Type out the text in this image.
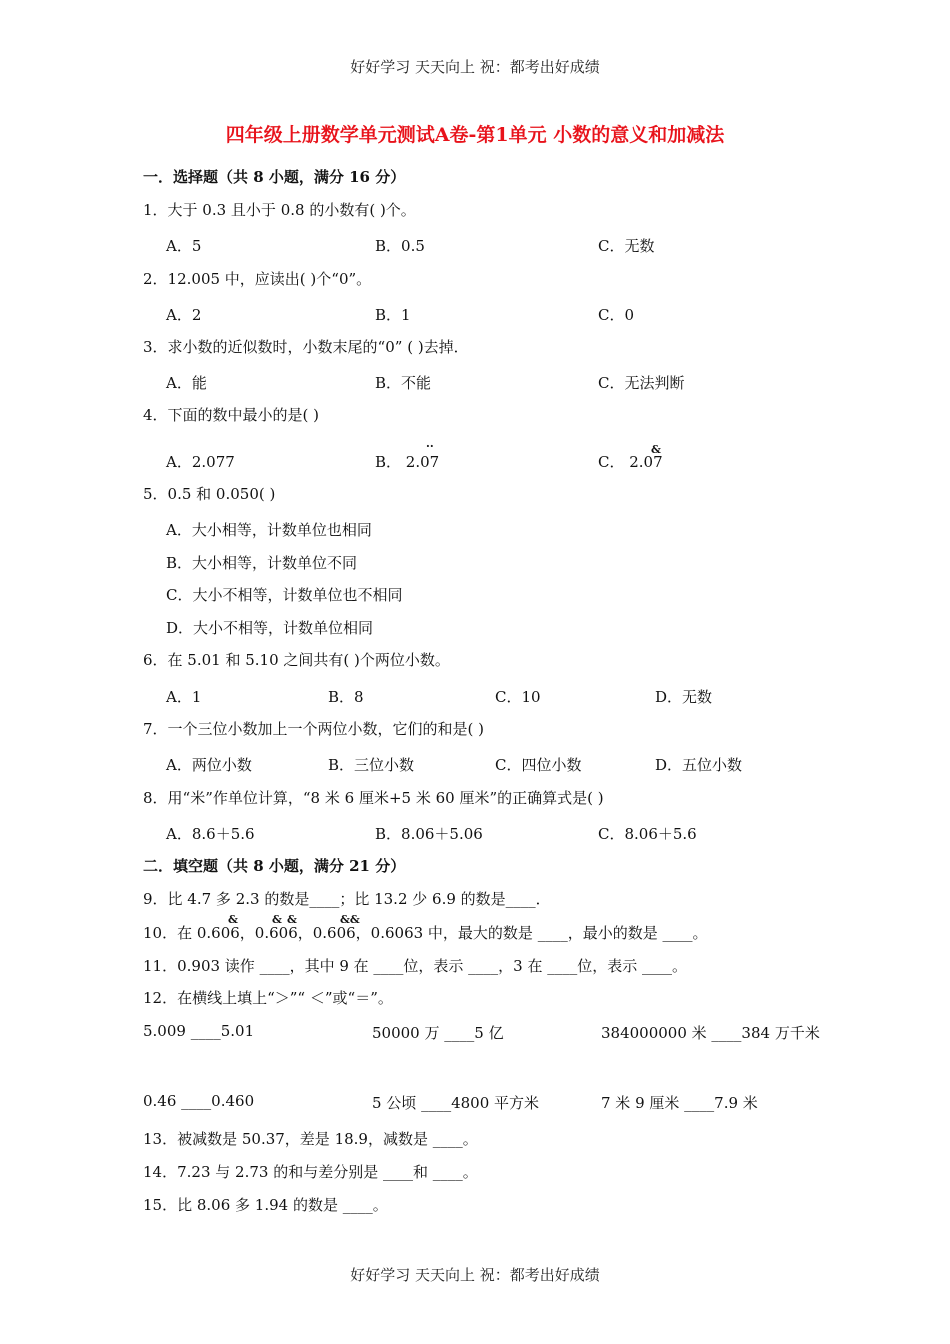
好好学习 天天向上 祝：都考出好成绩
四年级上册数学单元测试A卷-第1单元 小数的意义和加减法
一．选择题（共 8 小题，满分 16 分）
1．大于 0.3 且小于 0.8 的小数有( )个。
A．5	B．0.5	C．无数
2．12.005 中，应读出( )个“0”。
A．2	B．1	C．0
3．求小数的近似数时，小数末尾的“0” ( )去掉．
A．能	B．不能	C．无法判断
4．下面的数中最小的是( )
A．2.077	B． 2.07
··
C． 2.07
&
5．0.5 和 0.050( )
A．大小相等，计数单位也相同
B．大小相等，计数单位不同
C．大小不相等，计数单位也不相同
D．大小不相等，计数单位相同
6．在 5.01 和 5.10 之间共有( )个两位小数。
A．1	B．8	C．10	D．无数
7．一个三位小数加上一个两位小数，它们的和是( )
A．两位小数	B．三位小数	C．四位小数	D．五位小数
8．用“米”作单位计算，“8 米 6 厘米+5 米 60 厘米”的正确算式是( )
A．8.6＋5.6	B．8.06＋5.06	C．8.06＋5.6
二．填空题（共 8 小题，满分 21 分）
9．比 4.7 多 2.3 的数是____；比 13.2 少 6.9 的数是____．
10．在 0.606，0.606，0.606，0.6063 中，最大的数是 ____，最小的数是 ____。
&	& &	&&
11．0.903 读作 ____，其中 9 在 ____位，表示 ____，3 在 ____位，表示 ____。
12．在横线上填上“＞”“ ＜”或“＝”。
5.009 ____5.01	50000 万 ____5 亿	384000000 米 ____384 万千米
0.46 ____0.460	5 公顷 ____4800 平方米	7 米 9 厘米 ____7.9 米
13．被减数是 50.37，差是 18.9，减数是 ____。
14．7.23 与 2.73 的和与差分别是 ____和 ____。
15．比 8.06 多 1.94 的数是 ____。
好好学习 天天向上 祝：都考出好成绩
